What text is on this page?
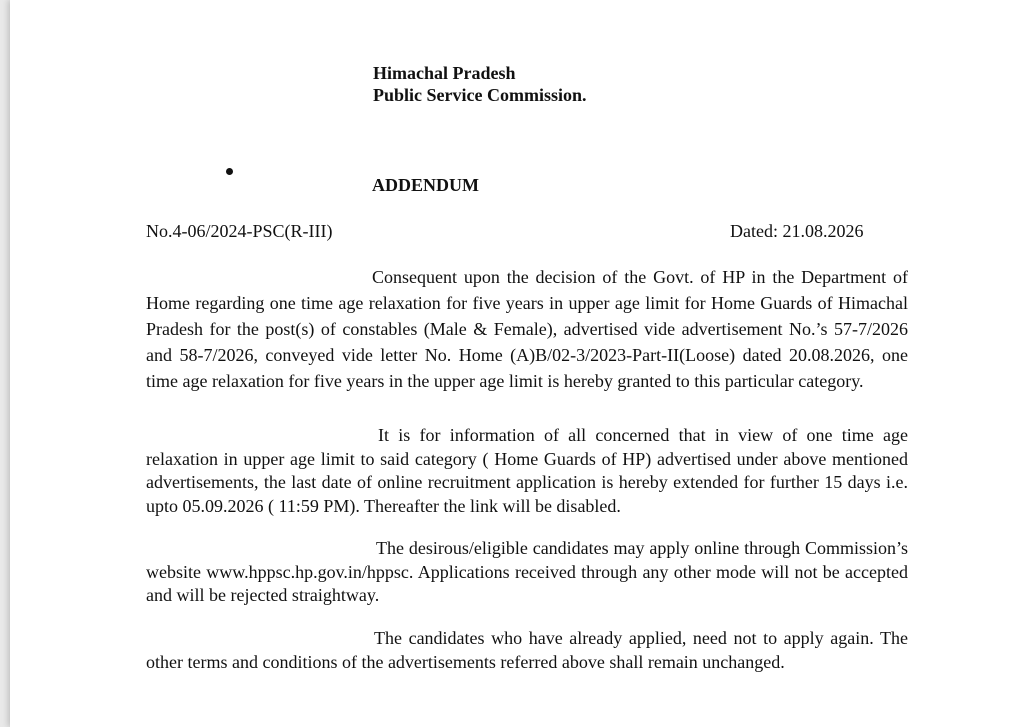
Himachal Pradesh
Public Service Commission.
ADDENDUM
No.4-06/2024-PSC(R-III)	Dated: 21.08.2026

Consequent upon the decision of the Govt. of HP in the Department of Home regarding one time age relaxation for five years in upper age limit for Home Guards of Himachal Pradesh for the post(s) of constables (Male & Female), advertised vide advertisement No.’s 57-7/2026 and 58-7/2026, conveyed vide letter No. Home (A)B/02-3/2023-Part-II(Loose) dated 20.08.2026, one time age relaxation for five years in the upper age limit is hereby granted to this particular category.

It is for information of all concerned that in view of one time age relaxation in upper age limit to said category ( Home Guards of HP) advertised under above mentioned advertisements, the last date of online recruitment application is hereby extended for further 15 days i.e. upto 05.09.2026 ( 11:59 PM). Thereafter the link will be disabled.

The desirous/eligible candidates may apply online through Commission’s website www.hppsc.hp.gov.in/hppsc. Applications received through any other mode will not be accepted and will be rejected straightway.

The candidates who have already applied, need not to apply again. The other terms and conditions of the advertisements referred above shall remain unchanged.
